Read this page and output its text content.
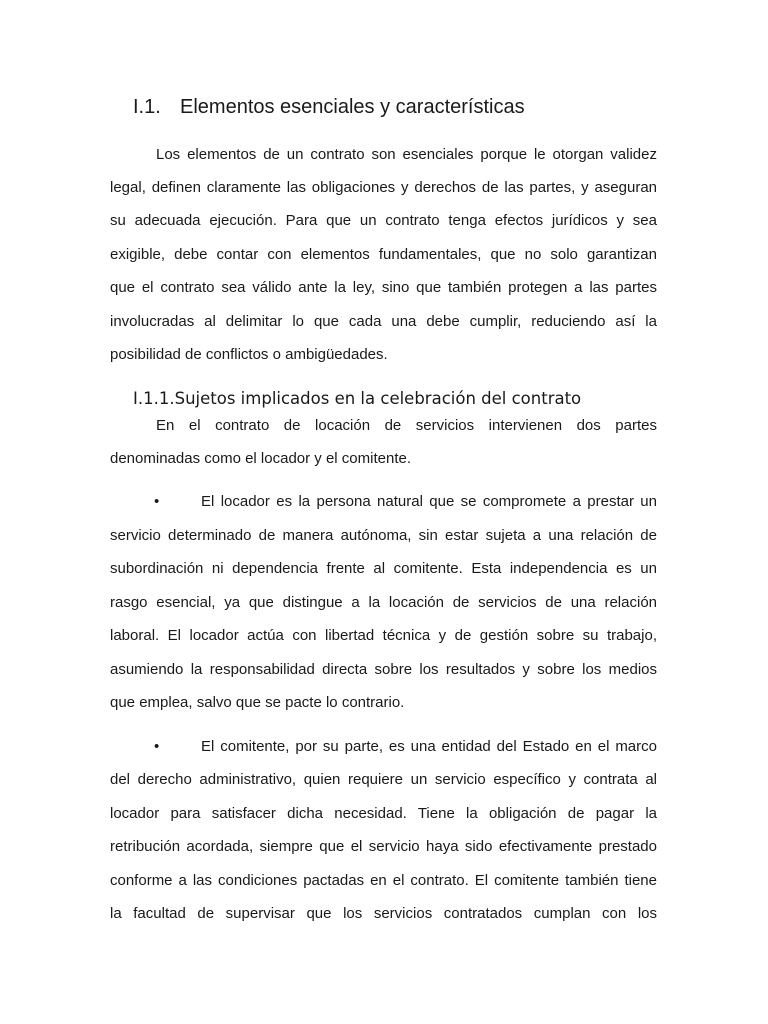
I.1. Elementos esenciales y características
Los elementos de un contrato son esenciales porque le otorgan validez
legal, definen claramente las obligaciones y derechos de las partes, y aseguran
su adecuada ejecución. Para que un contrato tenga efectos jurídicos y sea
exigible, debe contar con elementos fundamentales, que no solo garantizan
que el contrato sea válido ante la ley, sino que también protegen a las partes
involucradas al delimitar lo que cada una debe cumplir, reduciendo así la
posibilidad de conflictos o ambigüedades.
I.1.1.Sujetos implicados en la celebración del contrato
En el contrato de locación de servicios intervienen dos partes
denominadas como el locador y el comitente.
•	El locador es la persona natural que se compromete a prestar un
servicio determinado de manera autónoma, sin estar sujeta a una relación de
subordinación ni dependencia frente al comitente. Esta independencia es un
rasgo esencial, ya que distingue a la locación de servicios de una relación
laboral. El locador actúa con libertad técnica y de gestión sobre su trabajo,
asumiendo la responsabilidad directa sobre los resultados y sobre los medios
que emplea, salvo que se pacte lo contrario.
•	El comitente, por su parte, es una entidad del Estado en el marco
del derecho administrativo, quien requiere un servicio específico y contrata al
locador para satisfacer dicha necesidad. Tiene la obligación de pagar la
retribución acordada, siempre que el servicio haya sido efectivamente prestado
conforme a las condiciones pactadas en el contrato. El comitente también tiene
la facultad de supervisar que los servicios contratados cumplan con los
